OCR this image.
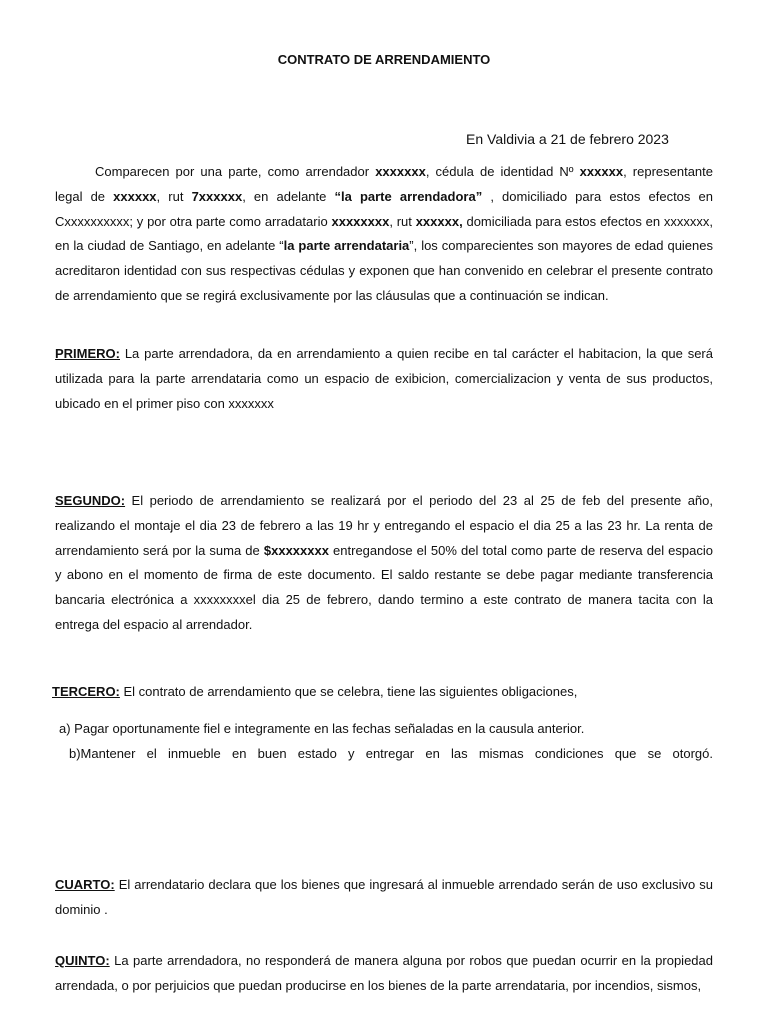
CONTRATO DE ARRENDAMIENTO
En Valdivia a 21 de febrero 2023

Comparecen por una parte, como arrendador xxxxxxx, cédula de identidad Nº xxxxxx, representante legal de xxxxxx, rut 7xxxxxx, en adelante “la parte arrendadora” , domiciliado para estos efectos en Cxxxxxxxxxx; y por otra parte como arradatario xxxxxxxx, rut xxxxxx, domiciliada para estos efectos en xxxxxxx, en la ciudad de Santiago, en adelante “la parte arrendataria”, los comparecientes son mayores de edad quienes acreditaron identidad con sus respectivas cédulas y exponen que han convenido en celebrar el presente contrato de arrendamiento que se regirá exclusivamente por las cláusulas que a continuación se indican.

PRIMERO: La parte arrendadora, da en arrendamiento a quien recibe en tal carácter el habitacion, la que será utilizada para la parte arrendataria como un espacio de exibicion, comercializacion y venta de sus productos, ubicado en el primer piso con xxxxxxx

SEGUNDO: El periodo de arrendamiento se realizará por el periodo del 23 al 25 de feb del presente año, realizando el montaje el dia 23 de febrero a las 19 hr y entregando el espacio el dia 25 a las 23 hr. La renta de arrendamiento será por la suma de $xxxxxxxx entregandose el 50% del total como parte de reserva del espacio y abono en el momento de firma de este documento. El saldo restante se debe pagar mediante transferencia bancaria electrónica a xxxxxxxxel dia 25 de febrero, dando termino a este contrato de manera tacita con la entrega del espacio al arrendador.

TERCERO: El contrato de arrendamiento que se celebra, tiene las siguientes obligaciones,

a) Pagar oportunamente fiel e integramente en las fechas señaladas en la causula anterior.

b)Mantener el inmueble en buen estado y entregar en las mismas condiciones que se otorgó.

CUARTO: El arrendatario declara que los bienes que ingresará al inmueble arrendado serán de uso exclusivo su dominio .

QUINTO: La parte arrendadora, no responderá de manera alguna por robos que puedan ocurrir en la propiedad arrendada, o por perjuicios que puedan producirse en los bienes de la parte arrendataria, por incendios, sismos,
